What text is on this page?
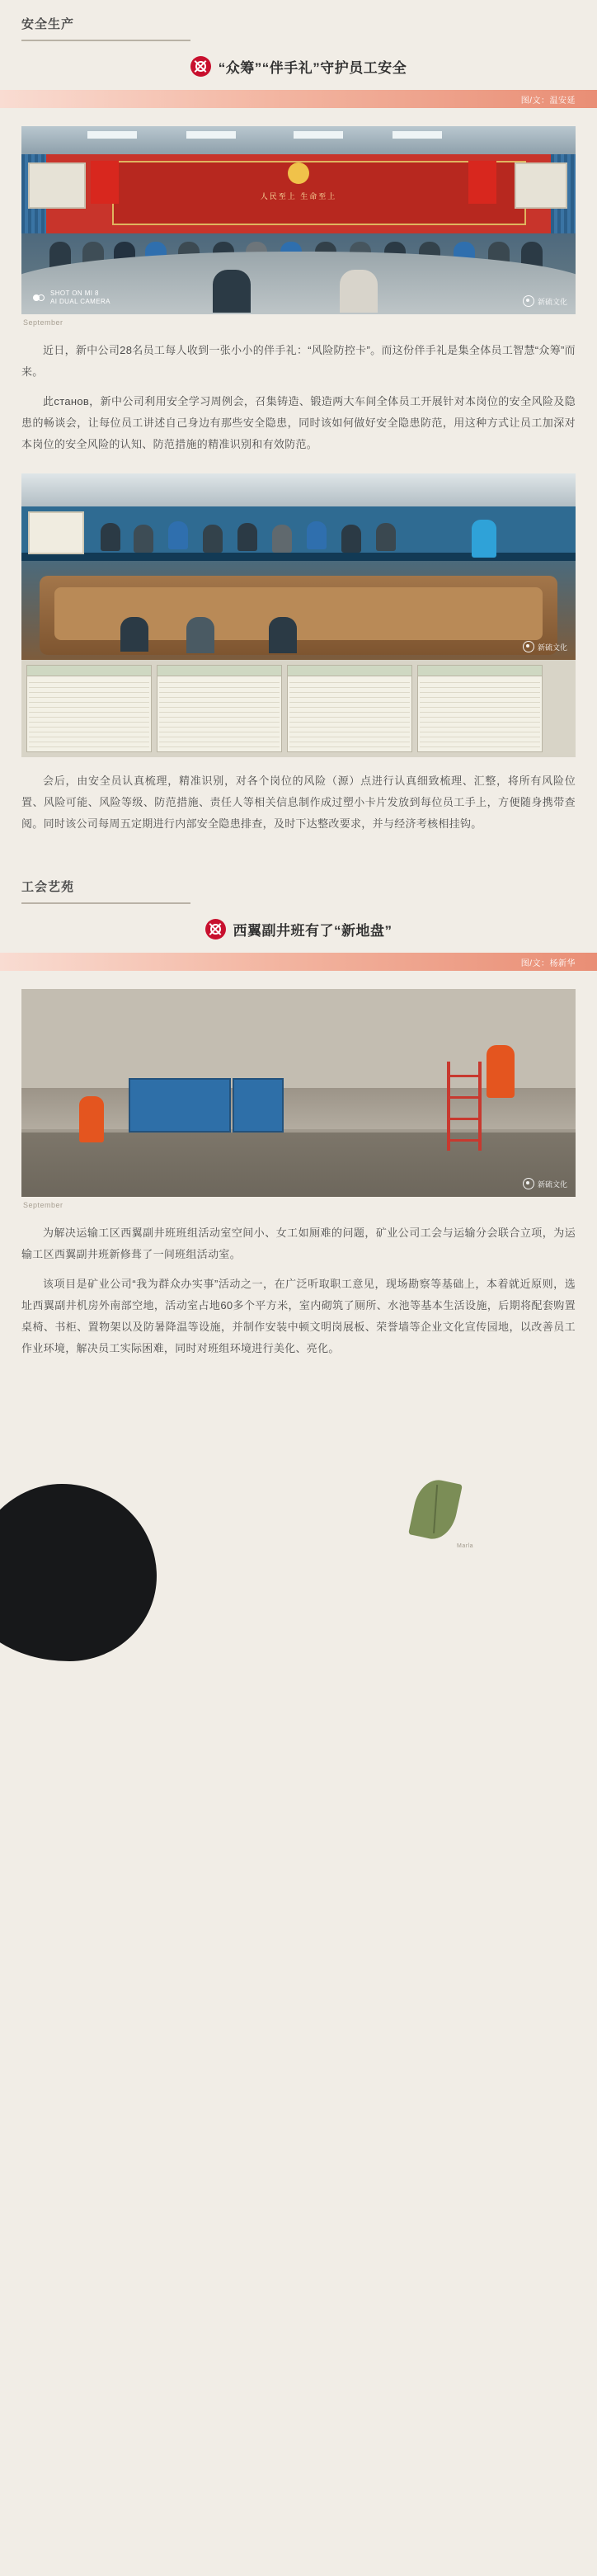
安全生产
“众筹”“伴手礼”守护员工安全
图/文：温安延
人民至上 生命至上
SHOT ON MI 8
AI DUAL CAMERA	新硫文化
September

近日，新中公司28名员工每人收到一张小小的伴手礼：“风险防控卡”。而这份伴手礼是集全体员工智慧“众筹”而来。

此станов，新中公司利用安全学习周例会，召集铸造、锻造两大车间全体员工开展针对本岗位的安全风险及隐患的畅谈会，让每位员工讲述自己身边有那些安全隐患，同时该如何做好安全隐患防范，用这种方式让员工加深对本岗位的安全风险的认知、防范措施的精准识别和有效防范。

新硫文化

会后，由安全员认真梳理，精准识别，对各个岗位的风险（源）点进行认真细致梳理、汇整，将所有风险位置、风险可能、风险等级、防范措施、责任人等相关信息制作成过塑小卡片发放到每位员工手上，方便随身携带查阅。同时该公司每周五定期进行内部安全隐患排查，及时下达整改要求，并与经济考核相挂钩。

工会艺苑
西翼副井班有了“新地盘”
图/文：杨新华
新硫文化
September

为解决运输工区西翼副井班班组活动室空间小、女工如厕难的问题，矿业公司工会与运输分会联合立项，为运输工区西翼副井班新修葺了一间班组活动室。

该项目是矿业公司“我为群众办实事”活动之一，在广泛听取职工意见，现场勘察等基础上，本着就近原则，选址西翼副井机房外南部空地，活动室占地60多个平方米，室内砌筑了厕所、水池等基本生活设施，后期将配套购置桌椅、书柜、置物架以及防暑降温等设施，并制作安装中顿文明岗展板、荣誉墙等企业文化宣传园地，以改善员工作业环境，解决员工实际困难，同时对班组环境进行美化、亮化。

Marla
